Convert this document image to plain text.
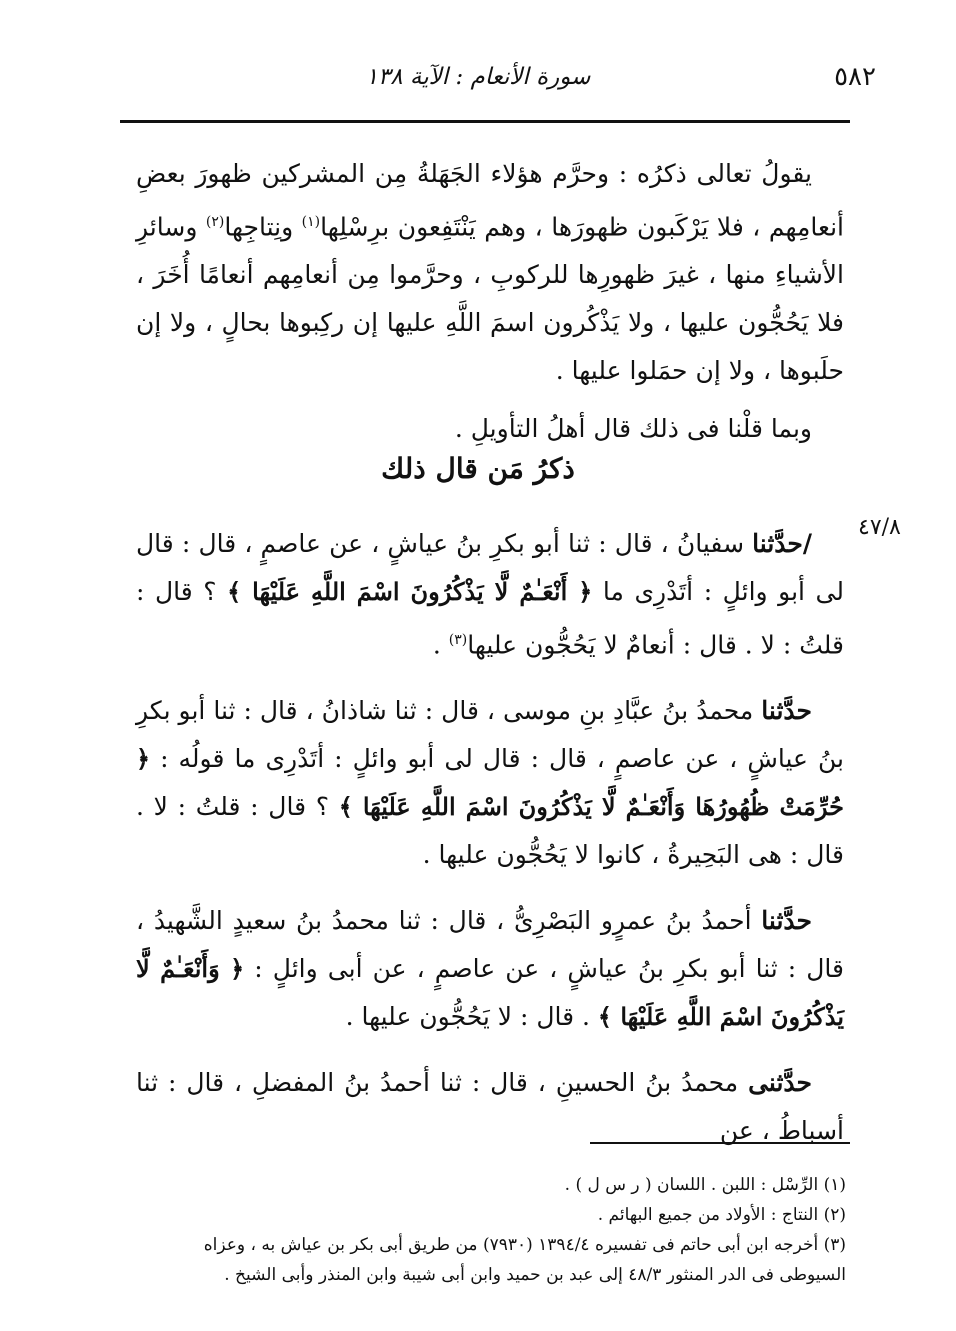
٥٨٢
سورة الأنعام : الآية ١٣٨

يقولُ تعالى ذكرُه : وحرَّم هؤلاء الجَهَلةُ مِن المشركين ظهورَ بعضِ أنعامِهم ، فلا يَرْكَبون ظهورَها ، وهم يَنْتَفِعون برِسْلِها$^{(١)}$ ونِتاجِها$^{(٢)}$ وسائرِ الأشياءِ منها ، غيرَ ظهورِها للركوبِ ، وحرَّموا مِن أنعامِهم أنعامًا أُخَرَ ، فلا يَحُجُّون عليها ، ولا يَذْكُرون اسمَ اللَّهِ عليها إن ركِبوها بحالٍ ، ولا إن حلَبوها ، ولا إن حمَلوا عليها .

وبما قلْنا فى ذلك قال أهلُ التأويلِ .

ذكرُ مَن قال ذلك
٤٧/٨

/حدَّثنا سفيانُ ، قال : ثنا أبو بكرِ بنُ عياشٍ ، عن عاصمٍ ، قال : قال لى أبو وائلٍ : أتَدْرِى ما ﴿ أَنْعَـٰمٌ لَّا يَذْكُرُونَ اسْمَ اللَّهِ عَلَيْهَا ﴾ ؟ قال : قلتُ : لا . قال : أنعامٌ لا يَحُجُّون عليها$^{(٣)}$ .

حدَّثنا محمدُ بنُ عبَّادِ بنِ موسى ، قال : ثنا شاذانُ ، قال : ثنا أبو بكرِ بنُ عياشٍ ، عن عاصمٍ ، قال : قال لى أبو وائلٍ : أتَدْرِى ما قولُه : ﴿ حُرِّمَتْ ظُهُورُهَا وَأَنْعَـٰمٌ لَّا يَذْكُرُونَ اسْمَ اللَّهِ عَلَيْهَا ﴾ ؟ قال : قلتُ : لا . قال : هى البَحِيرةُ ، كانوا لا يَحُجُّون عليها .

حدَّثنا أحمدُ بنُ عمرٍو البَصْرِىُّ ، قال : ثنا محمدُ بنُ سعيدٍ الشَّهيدُ ، قال : ثنا أبو بكرِ بنُ عياشٍ ، عن عاصمٍ ، عن أبى وائلٍ : ﴿ وَأَنْعَـٰمٌ لَّا يَذْكُرُونَ اسْمَ اللَّهِ عَلَيْهَا ﴾ . قال : لا يَحُجُّون عليها .

حدَّثنى محمدُ بنُ الحسينِ ، قال : ثنا أحمدُ بنُ المفضلِ ، قال : ثنا أسباطُ ، عن

(١) الرِّسْل : اللبن . اللسان ( ر س ل ) .

(٢) النتاج : الأولاد من جميع البهائم .

(٣) أخرجه ابن أبى حاتم فى تفسيره ١٣٩٤/٤ (٧٩٣٠) من طريق أبى بكر بن عياش به ، وعزاه السيوطى فى الدر المنثور ٤٨/٣ إلى عبد بن حميد وابن أبى شيبة وابن المنذر وأبى الشيخ .
